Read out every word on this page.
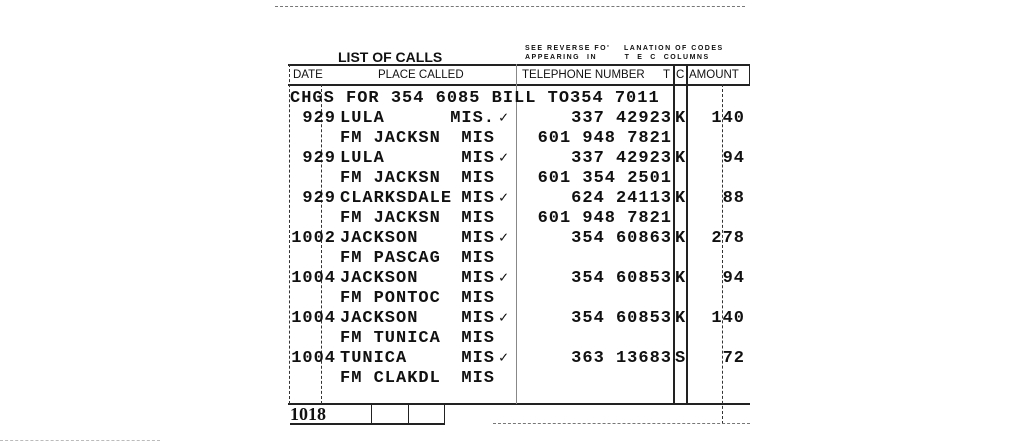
LIST OF CALLS
SEE REVERSE FO'    LANATION OF CODES
APPEARING  IN        T  E  C  COLUMNS
DATE	PLACE CALLED	TELEPHONE NUMBER T C AMOUNT

CHGS FOR 354 6085 BILL TO354 7011

929 LULA	MIS.	337 42923 K 140
✓
FM JACKSN MIS	601 948 7821
929 LULA	MIS	337 42923 K 94
✓
FM JACKSN MIS	601 354 2501
929 CLARKSDALE MIS	624 24113 K 88
✓
FM JACKSN MIS	601 948 7821
1002 JACKSON	MIS	354 60863 K 278
✓
FM PASCAG MIS
1004 JACKSON	MIS	354 60853 K 94
✓
FM PONTOC MIS
1004 JACKSON	MIS	354 60853 K 140
✓
FM TUNICA MIS
1004 TUNICA	MIS	363 13683 S 72
✓
FM CLAKDL MIS
1018
